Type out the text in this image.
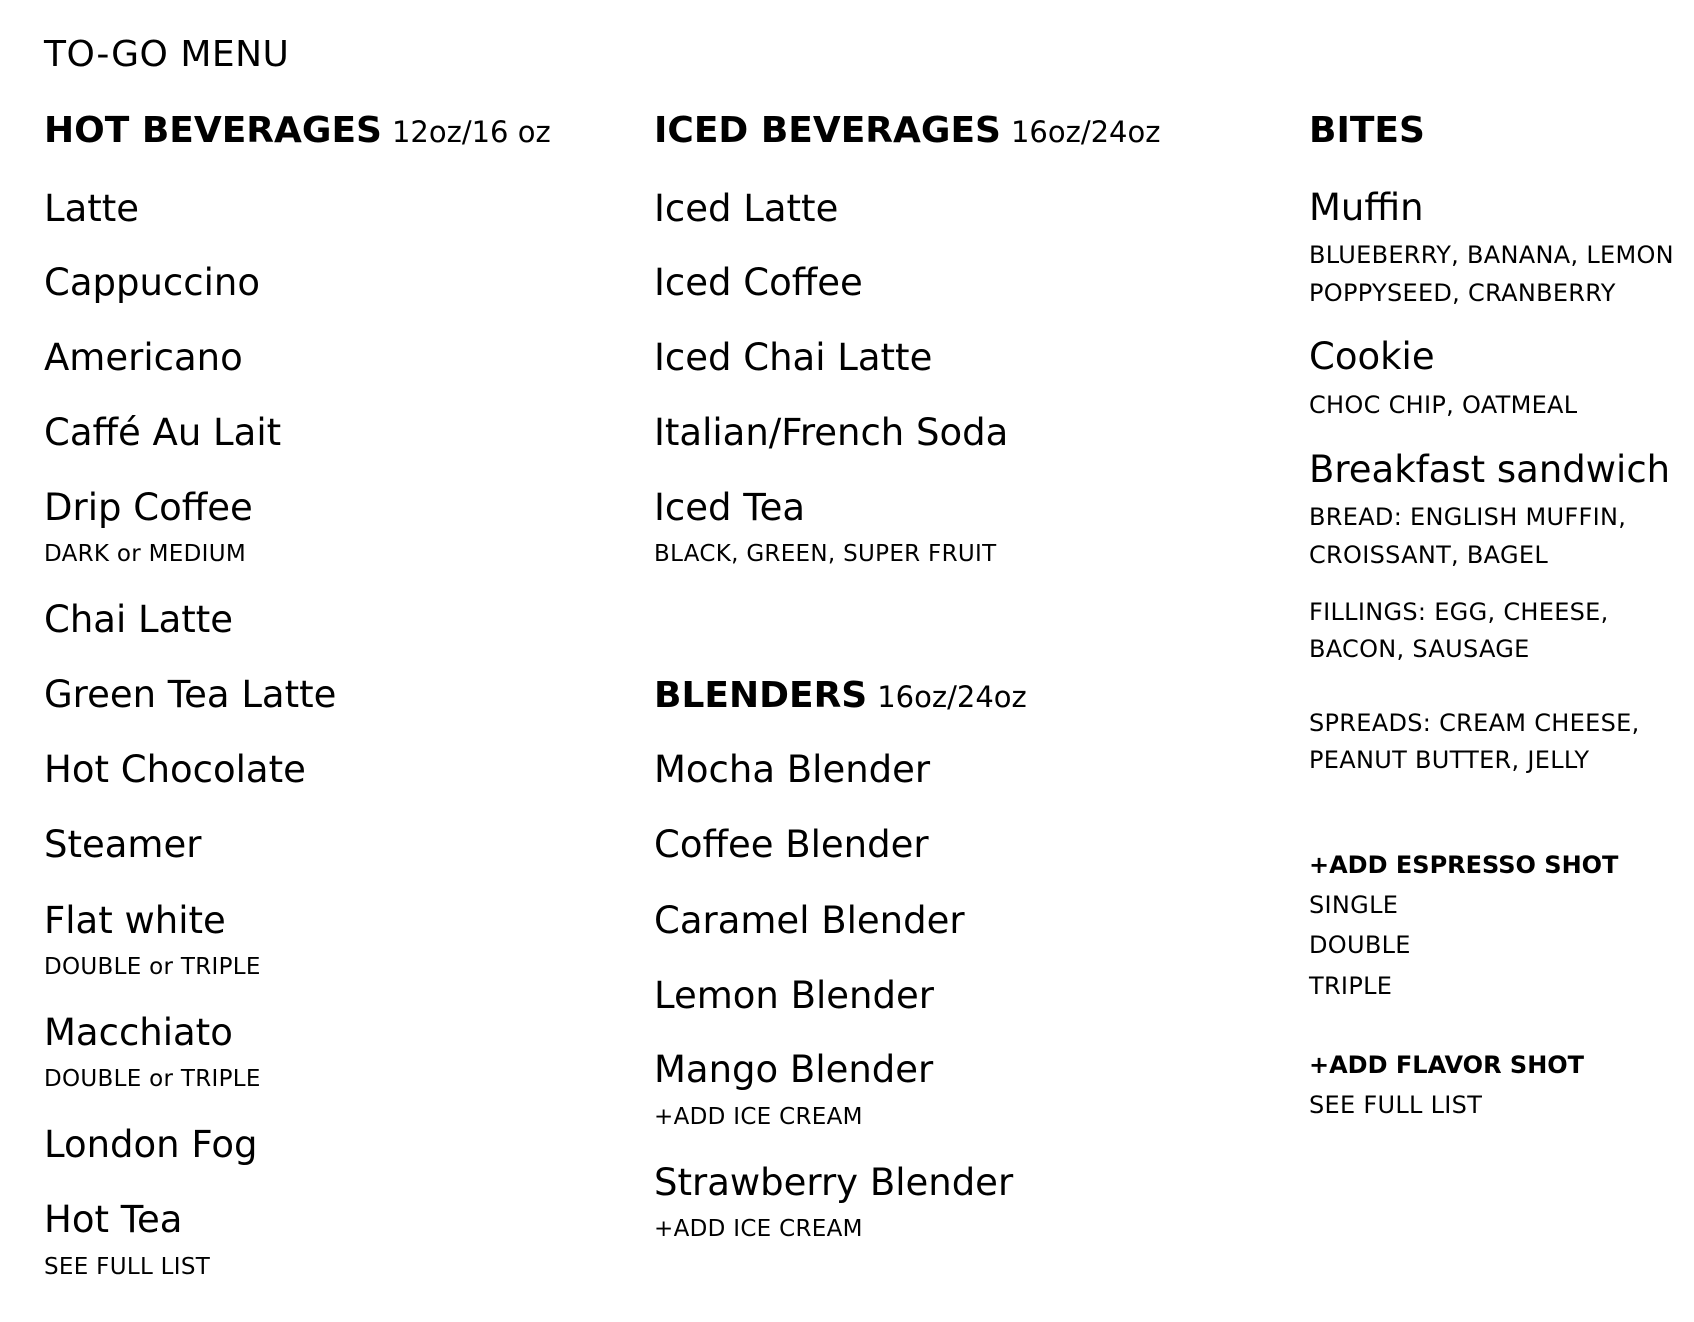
TO-GO MENU
HOT BEVERAGES 12oz/16 oz
Latte
Cappuccino
Americano
Caffé Au Lait
Drip Coffee
DARK or MEDIUM
Chai Latte
Green Tea Latte
Hot Chocolate
Steamer
Flat white
DOUBLE or TRIPLE
Macchiato
DOUBLE or TRIPLE
London Fog
Hot Tea
SEE FULL LIST
ICED BEVERAGES 16oz/24oz
Iced Latte
Iced Coffee
Iced Chai Latte
Italian/French Soda
Iced Tea
BLACK, GREEN, SUPER FRUIT
BLENDERS 16oz/24oz
Mocha Blender
Coffee Blender
Caramel Blender
Lemon Blender
Mango Blender
+ADD ICE CREAM
Strawberry Blender
+ADD ICE CREAM
BITES
Muffin
BLUEBERRY, BANANA, LEMON
POPPYSEED, CRANBERRY
Cookie
CHOC CHIP, OATMEAL
Breakfast sandwich
BREAD: ENGLISH MUFFIN,
CROISSANT, BAGEL
FILLINGS: EGG, CHEESE,
BACON, SAUSAGE
SPREADS: CREAM CHEESE,
PEANUT BUTTER, JELLY
+ADD ESPRESSO SHOT
SINGLE
DOUBLE
TRIPLE
+ADD FLAVOR SHOT
SEE FULL LIST
